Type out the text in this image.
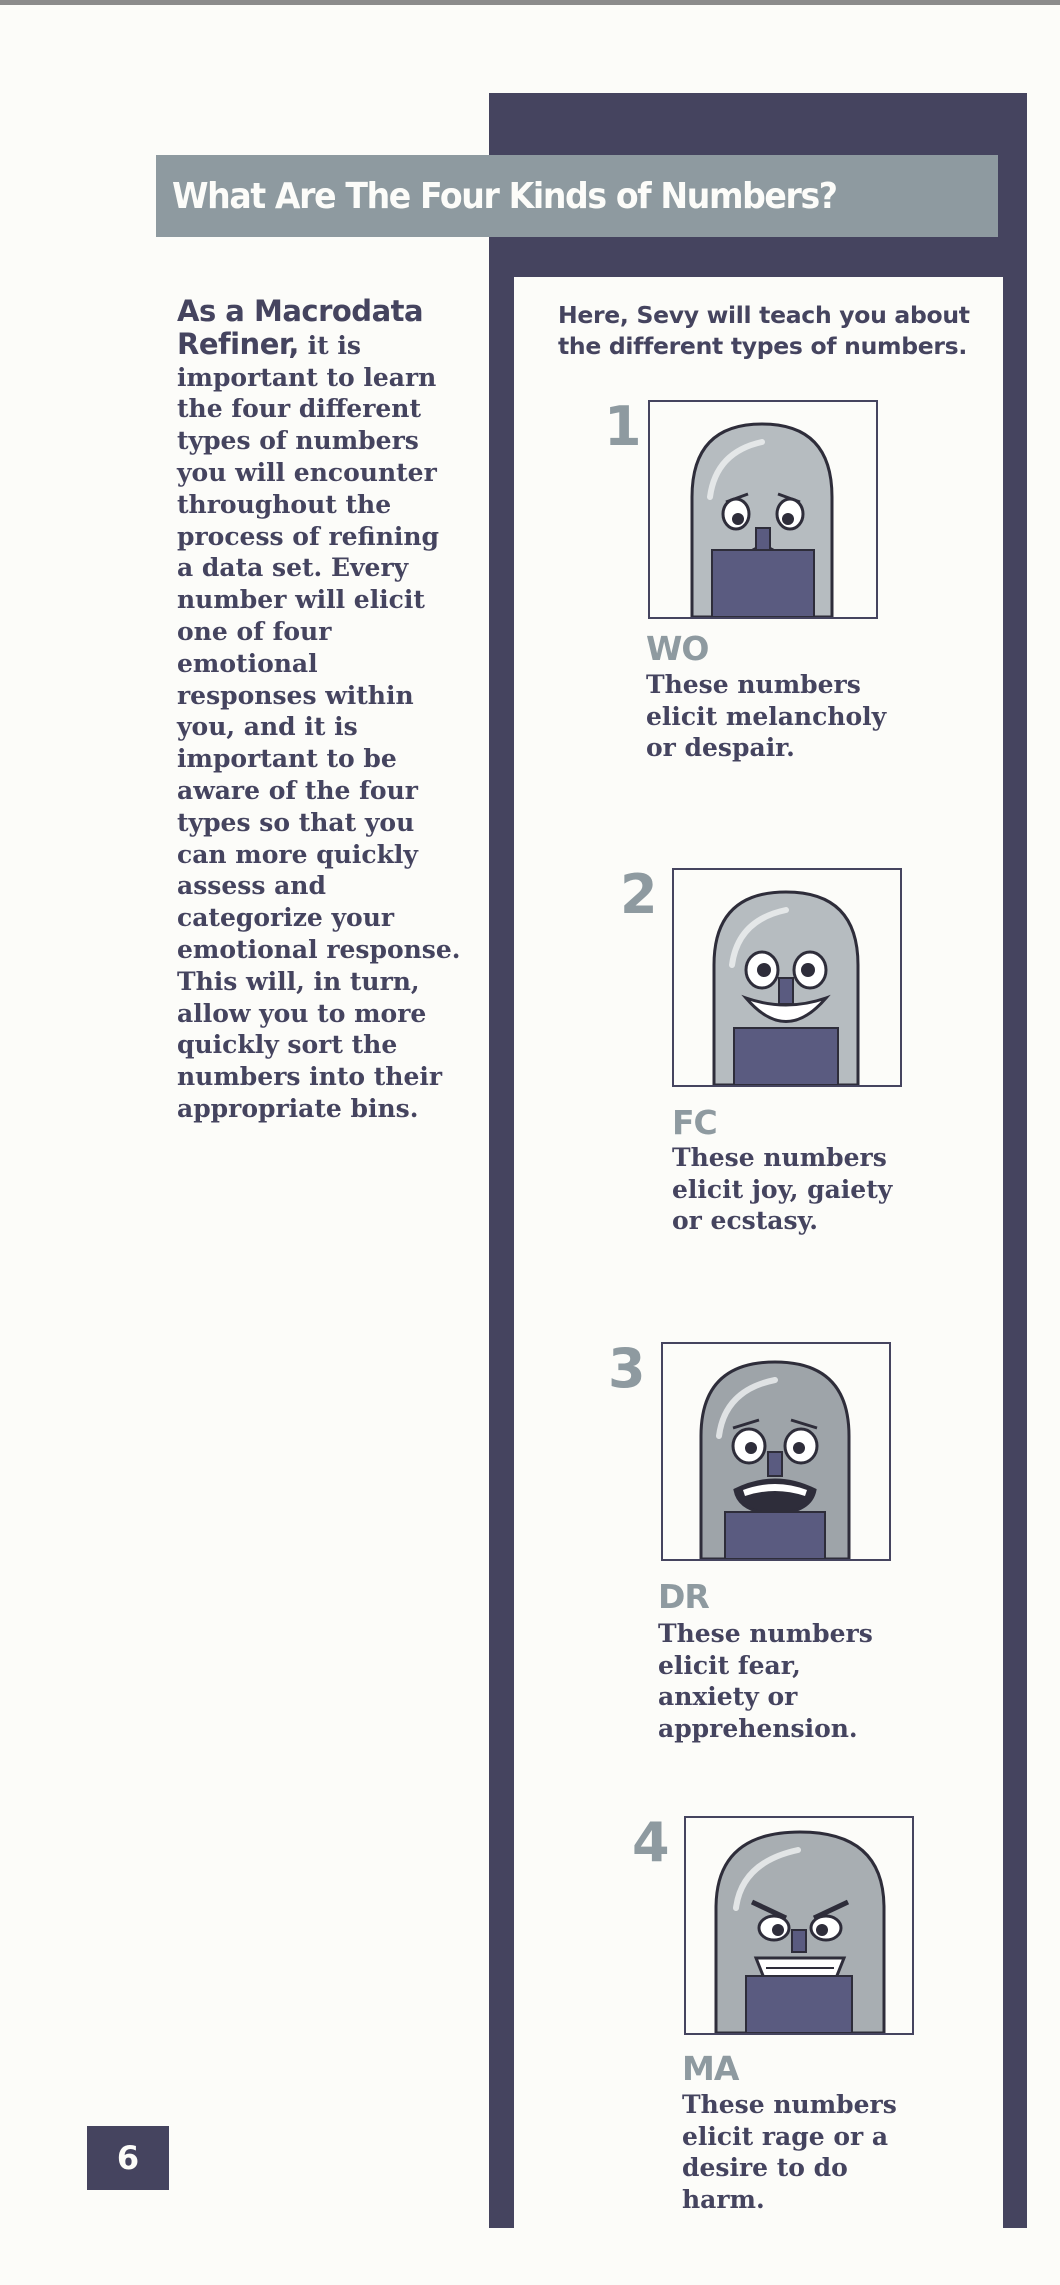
What Are The Four Kinds of Numbers?
As a Macrodata Refiner, it is important to learn the four different types of numbers you will encounter throughout the process of refining a data set. Every number will elicit one of four emotional responses within you, and it is important to be aware of the four types so that you can more quickly assess and categorize your emotional response. This will, in turn, allow you to more quickly sort the numbers into their appropriate bins.
Here, Sevy will teach you about the different types of numbers.
1
WO
These numbers elicit melancholy or despair.
2
FC
These numbers elicit joy, gaiety or ecstasy.
3
DR
These numbers elicit fear, anxiety or apprehension.
4
MA
These numbers elicit rage or a desire to do harm.
6
